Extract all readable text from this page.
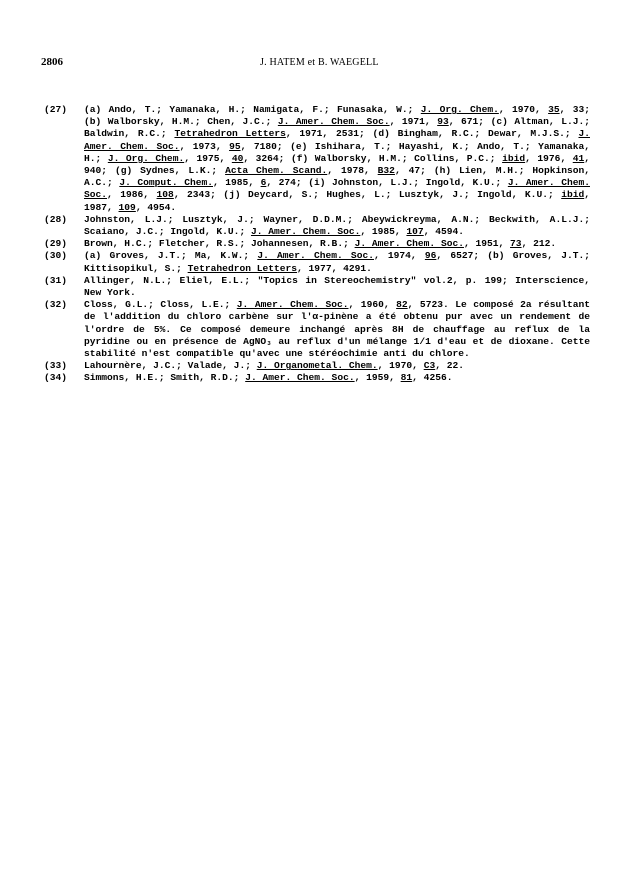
2806	J. HATEM et B. WAEGELL
(27)	(a) Ando, T.; Yamanaka, H.; Namigata, F.; Funasaka, W.; J. Org. Chem., 1970, 35, 33; (b) Walborsky, H.M.; Chen, J.C.; J. Amer. Chem. Soc., 1971, 93, 671; (c) Altman, L.J.; Baldwin, R.C.; Tetrahedron Letters, 1971, 2531; (d) Bingham, R.C.; Dewar, M.J.S.; J. Amer. Chem. Soc., 1973, 95, 7180; (e) Ishihara, T.; Hayashi, K.; Ando, T.; Yamanaka, H.; J. Org. Chem., 1975, 40, 3264; (f) Walborsky, H.M.; Collins, P.C.; ibid, 1976, 41, 940; (g) Sydnes, L.K.; Acta Chem. Scand., 1978, B32, 47; (h) Lien, M.H.; Hopkinson, A.C.; J. Comput. Chem., 1985, 6, 274; (i) Johnston, L.J.; Ingold, K.U.; J. Amer. Chem. Soc., 1986, 108, 2343; (j) Deycard, S.; Hughes, L.; Lusztyk, J.; Ingold, K.U.; ibid, 1987, 109, 4954.
(28)	Johnston, L.J.; Lusztyk, J.; Wayner, D.D.M.; Abeywickreyma, A.N.; Beckwith, A.L.J.; Scaiano, J.C.; Ingold, K.U.; J. Amer. Chem. Soc., 1985, 107, 4594.
(29)	Brown, H.C.; Fletcher, R.S.; Johannesen, R.B.; J. Amer. Chem. Soc., 1951, 73, 212.
(30)	(a) Groves, J.T.; Ma, K.W.; J. Amer. Chem. Soc., 1974, 96, 6527; (b) Groves, J.T.; Kittisopikul, S.; Tetrahedron Letters, 1977, 4291.
(31)	Allinger, N.L.; Eliel, E.L.; "Topics in Stereochemistry" vol.2, p. 199; Interscience, New York.
(32)	Closs, G.L.; Closs, L.E.; J. Amer. Chem. Soc., 1960, 82, 5723. Le composé 2a résultant de l'addition du chloro carbène sur l'α-pinène a été obtenu pur avec un rendement de l'ordre de 5%. Ce composé demeure inchangé après 8H de chauffage au reflux de la pyridine ou en présence de AgNO₃ au reflux d'un mélange 1/1 d'eau et de dioxane. Cette stabilité n'est compatible qu'avec une stéréochimie anti du chlore.
(33)	Lahournère, J.C.; Valade, J.; J. Organometal. Chem., 1970, C3, 22.
(34)	Simmons, H.E.; Smith, R.D.; J. Amer. Chem. Soc., 1959, 81, 4256.
